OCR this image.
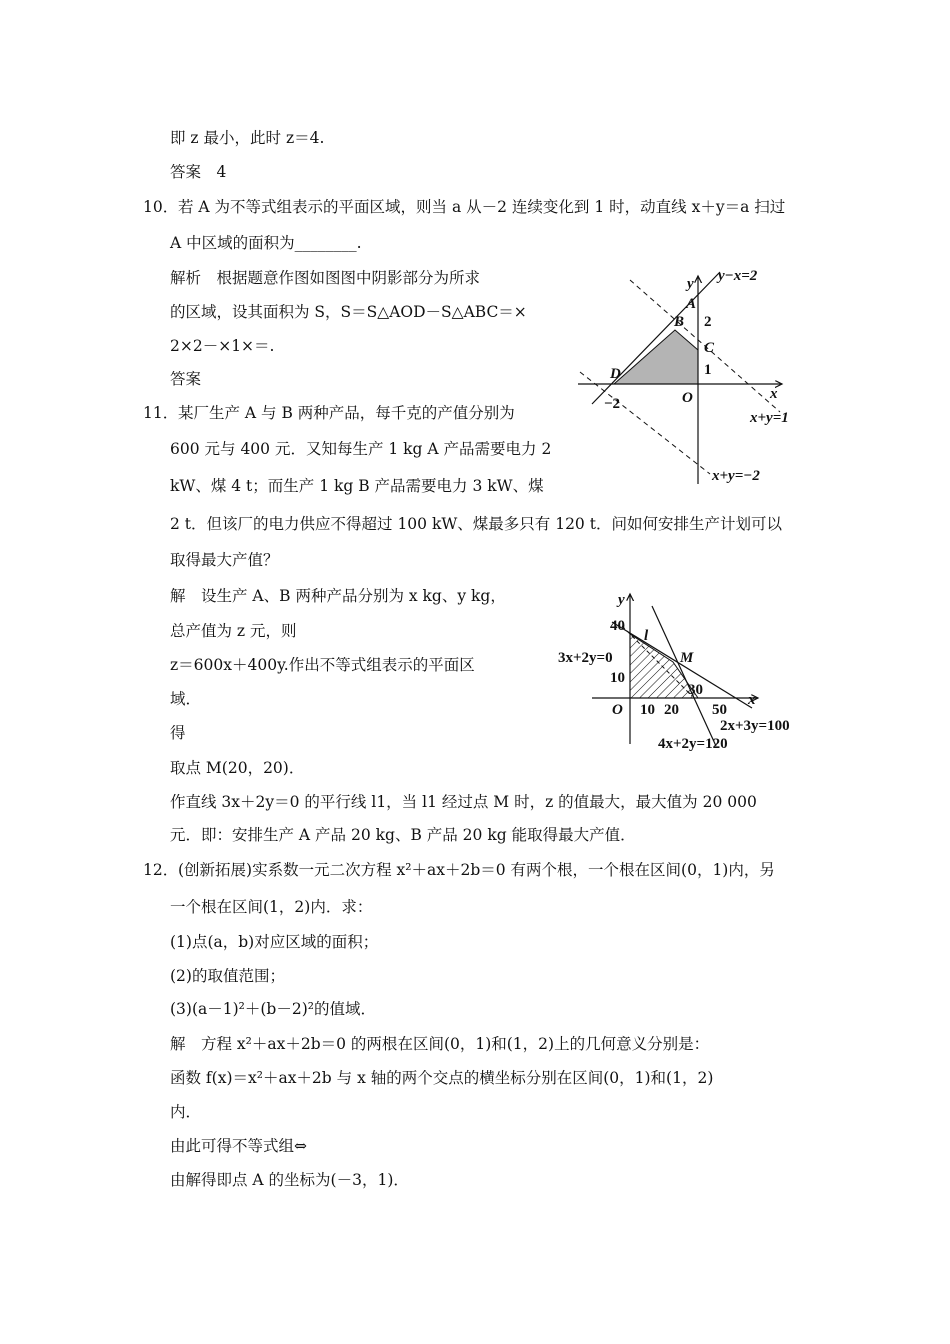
即 z 最小，此时 z＝4.
答案　4
10． 若 A 为不等式组表示的平面区域，则当 a 从－2 连续变化到 1 时，动直线 x＋y＝a 扫过
A 中区域的面积为________.
解析　根据题意作图如图图中阴影部分为所求
的区域，设其面积为 S，S＝S△AOD－S△ABC＝×
2×2－×1×＝.
答案
11． 某厂生产 A 与 B 两种产品，每千克的产值分别为
600 元与 400 元．又知每生产 1 kg A 产品需要电力 2
kW、煤 4 t；而生产 1 kg B 产品需要电力 3 kW、煤
2 t．但该厂的电力供应不得超过 100 kW、煤最多只有 120 t．问如何安排生产计划可以
取得最大产值？
解　设生产 A、B 两种产品分别为 x kg、y kg，
总产值为 z 元，则
z＝600x＋400y.作出不等式组表示的平面区
域．
得
取点 M(20，20)．
作直线 3x＋2y＝0 的平行线 l1，当 l1 经过点 M 时，z 的值最大，最大值为 20 000
元．即：安排生产 A 产品 20 kg、B 产品 20 kg 能取得最大产值．
12． (创新拓展)实系数一元二次方程 x²＋ax＋2b＝0 有两个根，一个根在区间(0，1)内，另
一个根在区间(1，2)内．求：
(1)点(a，b)对应区域的面积；
(2)的取值范围；
(3)(a－1)²＋(b－2)²的值域．
解　方程 x²＋ax＋2b＝0 的两根在区间(0，1)和(1，2)上的几何意义分别是：
函数 f(x)＝x²＋ax＋2b 与 x 轴的两个交点的横坐标分别在区间(0，1)和(1，2)
内．
由此可得不等式组⇔
由解得即点 A 的坐标为(－3，1)．
y y−x=2
A
B 2
C
1
D
x
−2	O
x+y=1
x+y=−2
y
40
l
3x+2y=0	M
10
30
x
O 10 20 50
2x+3y=100
4x+2y=120
